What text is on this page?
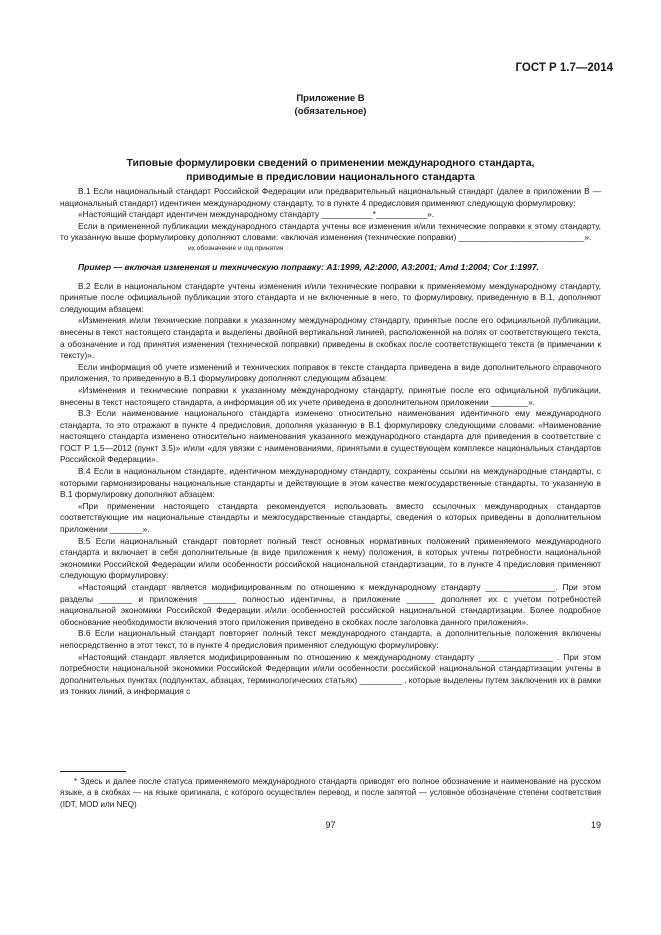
ГОСТ Р 1.7—2014
Приложение В
(обязательное)
Типовые формулировки сведений о применении международного стандарта,
приводимые в предисловии национального стандарта

В.1 Если национальный стандарт Российской Федерации или предварительный национальный стандарт (далее в приложении В — национальный стандарт) идентичен международному стандарту, то в пункте 4 предисловия применяют следующую формулировку:

«Настоящий стандарт идентичен международному стандарту ___________*___________».

Если в примененной публикации международного стандарта учтены все изменения и/или технические поправки к этому стандарту, то указанную выше формулировку дополняют словами: «включая изменения (технические поправки) ___________________________».

их обозначение и год принятия

Пример — включая изменения и техническую поправку: A1:1999, A2:2000, A3:2001; Amd 1:2004; Cor 1:1997.

В.2 Если в национальном стандарте учтены изменения и/или технические поправки к применяемому международному стандарту, принятые после официальной публикации этого стандарта и не включенные в него, то формулировку, приведенную в В.1, дополняют следующим абзацем:

«Изменения и/или технические поправки к указанному международному стандарту, принятые после его официальной публикации, внесены в текст настоящего стандарта и выделены двойной вертикальной линией, расположенной на полях от соответствующего текста, а обозначение и год принятия изменения (технической поправки) приведены в скобках после соответствующего текста (в примечании к тексту)».

Если информация об учете изменений и технических поправок в тексте стандарта приведена в виде дополнительного справочного приложения, то приведенную в В.1 формулировку дополняют следующим абзацем:

«Изменения и технические поправки к указанному международному стандарту, принятые после его официальной публикации, внесены в текст настоящего стандарта, а информация об их учете приведена в дополнительном приложении ________».

В.3 Если наименование национального стандарта изменено относительно наименования идентичного ему международного стандарта, то это отражают в пункте 4 предисловия, дополняя указанную в В.1 формулировку следующими словами: «Наименование настоящего стандарта изменено относительно наименования указанного международного стандарта для приведения в соответствие с ГОСТ Р 1.5—2012 (пункт 3.5)» и/или «для увязки с наименованиями, принятыми в существующем комплексе национальных стандартов Российской Федерации».

В.4 Если в национальном стандарте, идентичном международному стандарту, сохранены ссылки на международные стандарты, с которыми гармонизированы национальные стандарты и действующие в этом качестве межгосударственные стандарты, то указанную в В.1 формулировку дополняют абзацем:

«При применении настоящего стандарта рекомендуется использовать вместо ссылочных международных стандартов соответствующие им национальные стандарты и межгосударственные стандарты, сведения о которых приведены в дополнительном приложении _______».

В.5 Если национальный стандарт повторяет полный текст основных нормативных положений применяемого международного стандарта и включает в себя дополнительные (в виде приложения к нему) положения, в которых учтены потребности национальной экономики Российской Федерации и/или особенности российской национальной стандартизации, то в пункте 4 предисловия применяют следующую формулировку:

«Настоящий стандарт является модифицированным по отношению к международному стандарту _______________. При этом разделы _______ и приложения _______ полностью идентичны, а приложение ______ дополняет их с учетом потребностей национальной экономики Российской Федерации и/или особенностей российской национальной стандартизации. Более подробное обоснование необходимости включения этого приложения приведено в скобках после заголовка данного приложения».

В.6 Если национальный стандарт повторяет полный текст международного стандарта, а дополнительные положения включены непосредственно в этот текст, то в пункте 4 предисловия применяют следующую формулировку:

«Настоящий стандарт является модифицированным по отношению к международному стандарту ________________ . При этом потребности национальной экономики Российской Федерации и/или особенности российской национальной стандартизации учтены в дополнительных пунктах (подпунктах, абзацах, терминологических статьях) _________ , которые выделены путем заключения их в рамки из тонких линий, а информация с

* Здесь и далее после статуса применяемого международного стандарта приводят его полное обозначение и наименование на русском языке, а в скобках — на языке оригинала, с которого осуществлен перевод, и после запятой — условное обозначение степени соответствия (IDT, MOD или NEQ)

97	19
